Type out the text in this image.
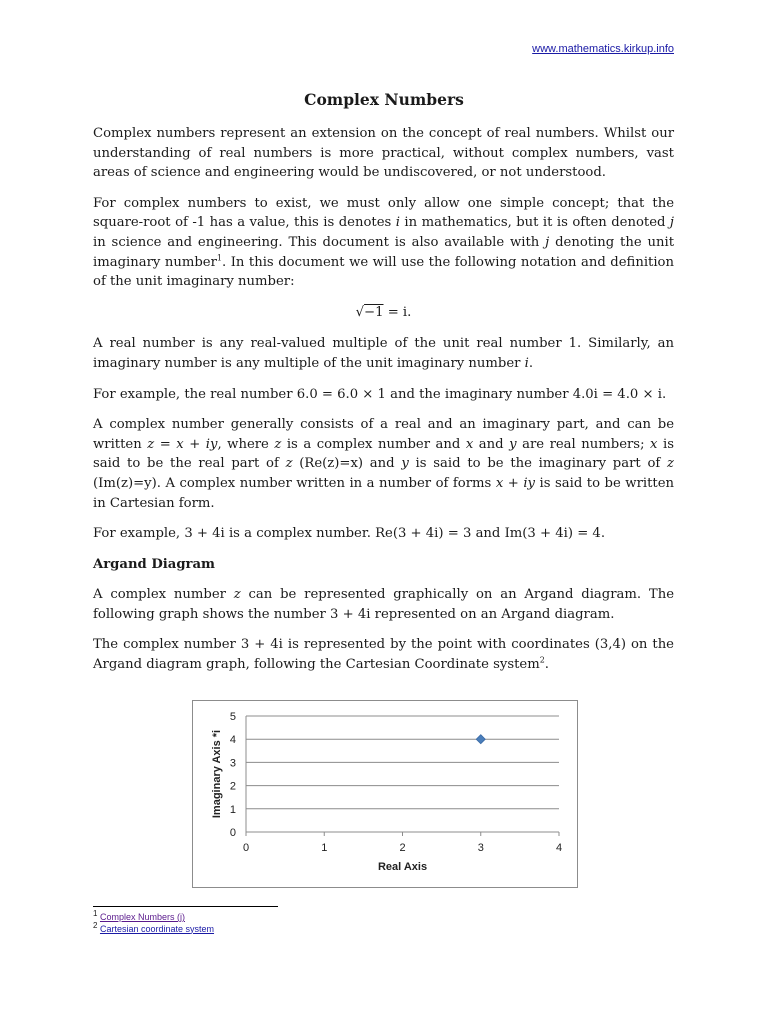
www.mathematics.kirkup.info
Complex Numbers

Complex numbers represent an extension on the concept of real numbers. Whilst our understanding of real numbers is more practical, without complex numbers, vast areas of science and engineering would be undiscovered, or not understood.

For complex numbers to exist, we must only allow one simple concept; that the square-root of -1 has a value, this is denotes i in mathematics, but it is often denoted j in science and engineering. This document is also available with j denoting the unit imaginary number$^1$. In this document we will use the following notation and definition of the unit imaginary number:

√−1 = i.

A real number is any real-valued multiple of the unit real number 1. Similarly, an imaginary number is any multiple of the unit imaginary number i.

For example, the real number 6.0 = 6.0 × 1 and the imaginary number 4.0i = 4.0 × i.

A complex number generally consists of a real and an imaginary part, and can be written z = x + iy, where z is a complex number and x and y are real numbers; x is said to be the real part of z (Re(z)=x) and y is said to be the imaginary part of z (Im(z)=y). A complex number written in a number of forms x + iy is said to be written in Cartesian form.

For example, 3 + 4i is a complex number. Re(3 + 4i) = 3 and Im(3 + 4i) = 4.

Argand Diagram

A complex number z can be represented graphically on an Argand diagram. The following graph shows the number 3 + 4i represented on an Argand diagram.

The complex number 3 + 4i is represented by the point with coordinates (3,4) on the Argand diagram graph, following the Cartesian Coordinate system$^2$.

0
1
2
3
4
5
0	1	2	3	4
Real Axis
Imaginary Axis *i
$^1$ Complex Numbers (j)
$^2$ Cartesian coordinate system
